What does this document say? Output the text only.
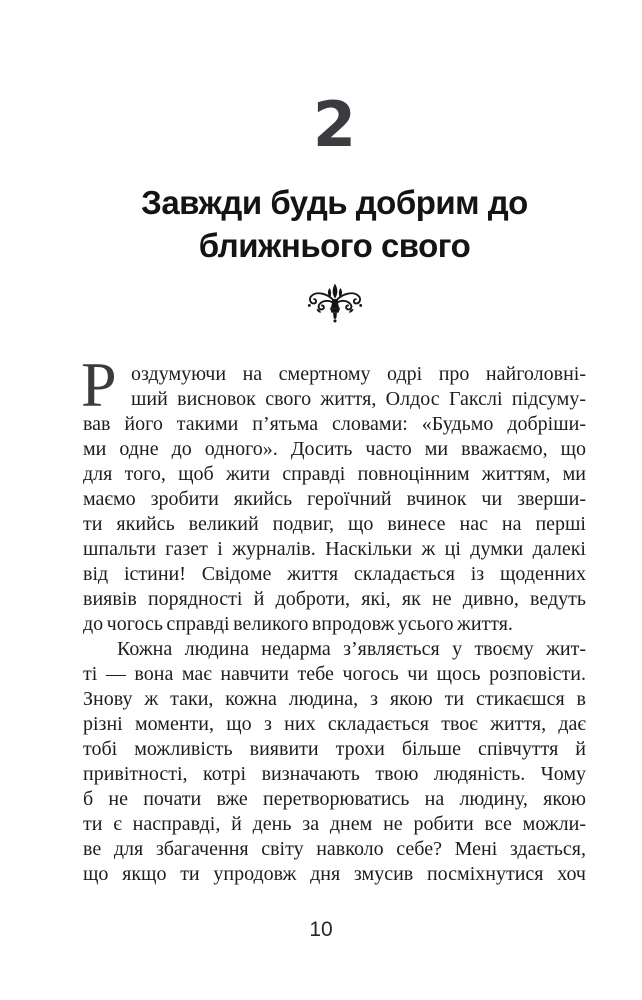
2
Завжди будь добрим до
ближнього свого
Р оздумуючи на смертному одрі про найголовні-
ший висновок свого життя, Олдос Гакслі підсуму-
вав його такими п’ятьма словами: «Будьмо добріши-
ми одне до одного». Досить часто ми вважаємо, що
для того, щоб жити справді повноцінним життям, ми
маємо зробити якийсь героїчний вчинок чи зверши-
ти якийсь великий подвиг, що винесе нас на перші
шпальти газет і журналів. Наскільки ж ці думки далекі
від істини! Свідоме життя складається із щоденних
виявів порядності й доброти, які, як не дивно, ведуть
до чогось справді великого впродовж усього життя.
Кожна людина недарма з’являється у твоєму жит-
ті — вона має навчити тебе чогось чи щось розповісти.
Знову ж таки, кожна людина, з якою ти стикаєшся в
різні моменти, що з них складається твоє життя, дає
тобі можливість виявити трохи більше співчуття й
привітності, котрі визначають твою людяність. Чому
б не почати вже перетворюватись на людину, якою
ти є насправді, й день за днем не робити все можли-
ве для збагачення світу навколо себе? Мені здається,
що якщо ти упродовж дня змусив посміхнутися хоч
10
